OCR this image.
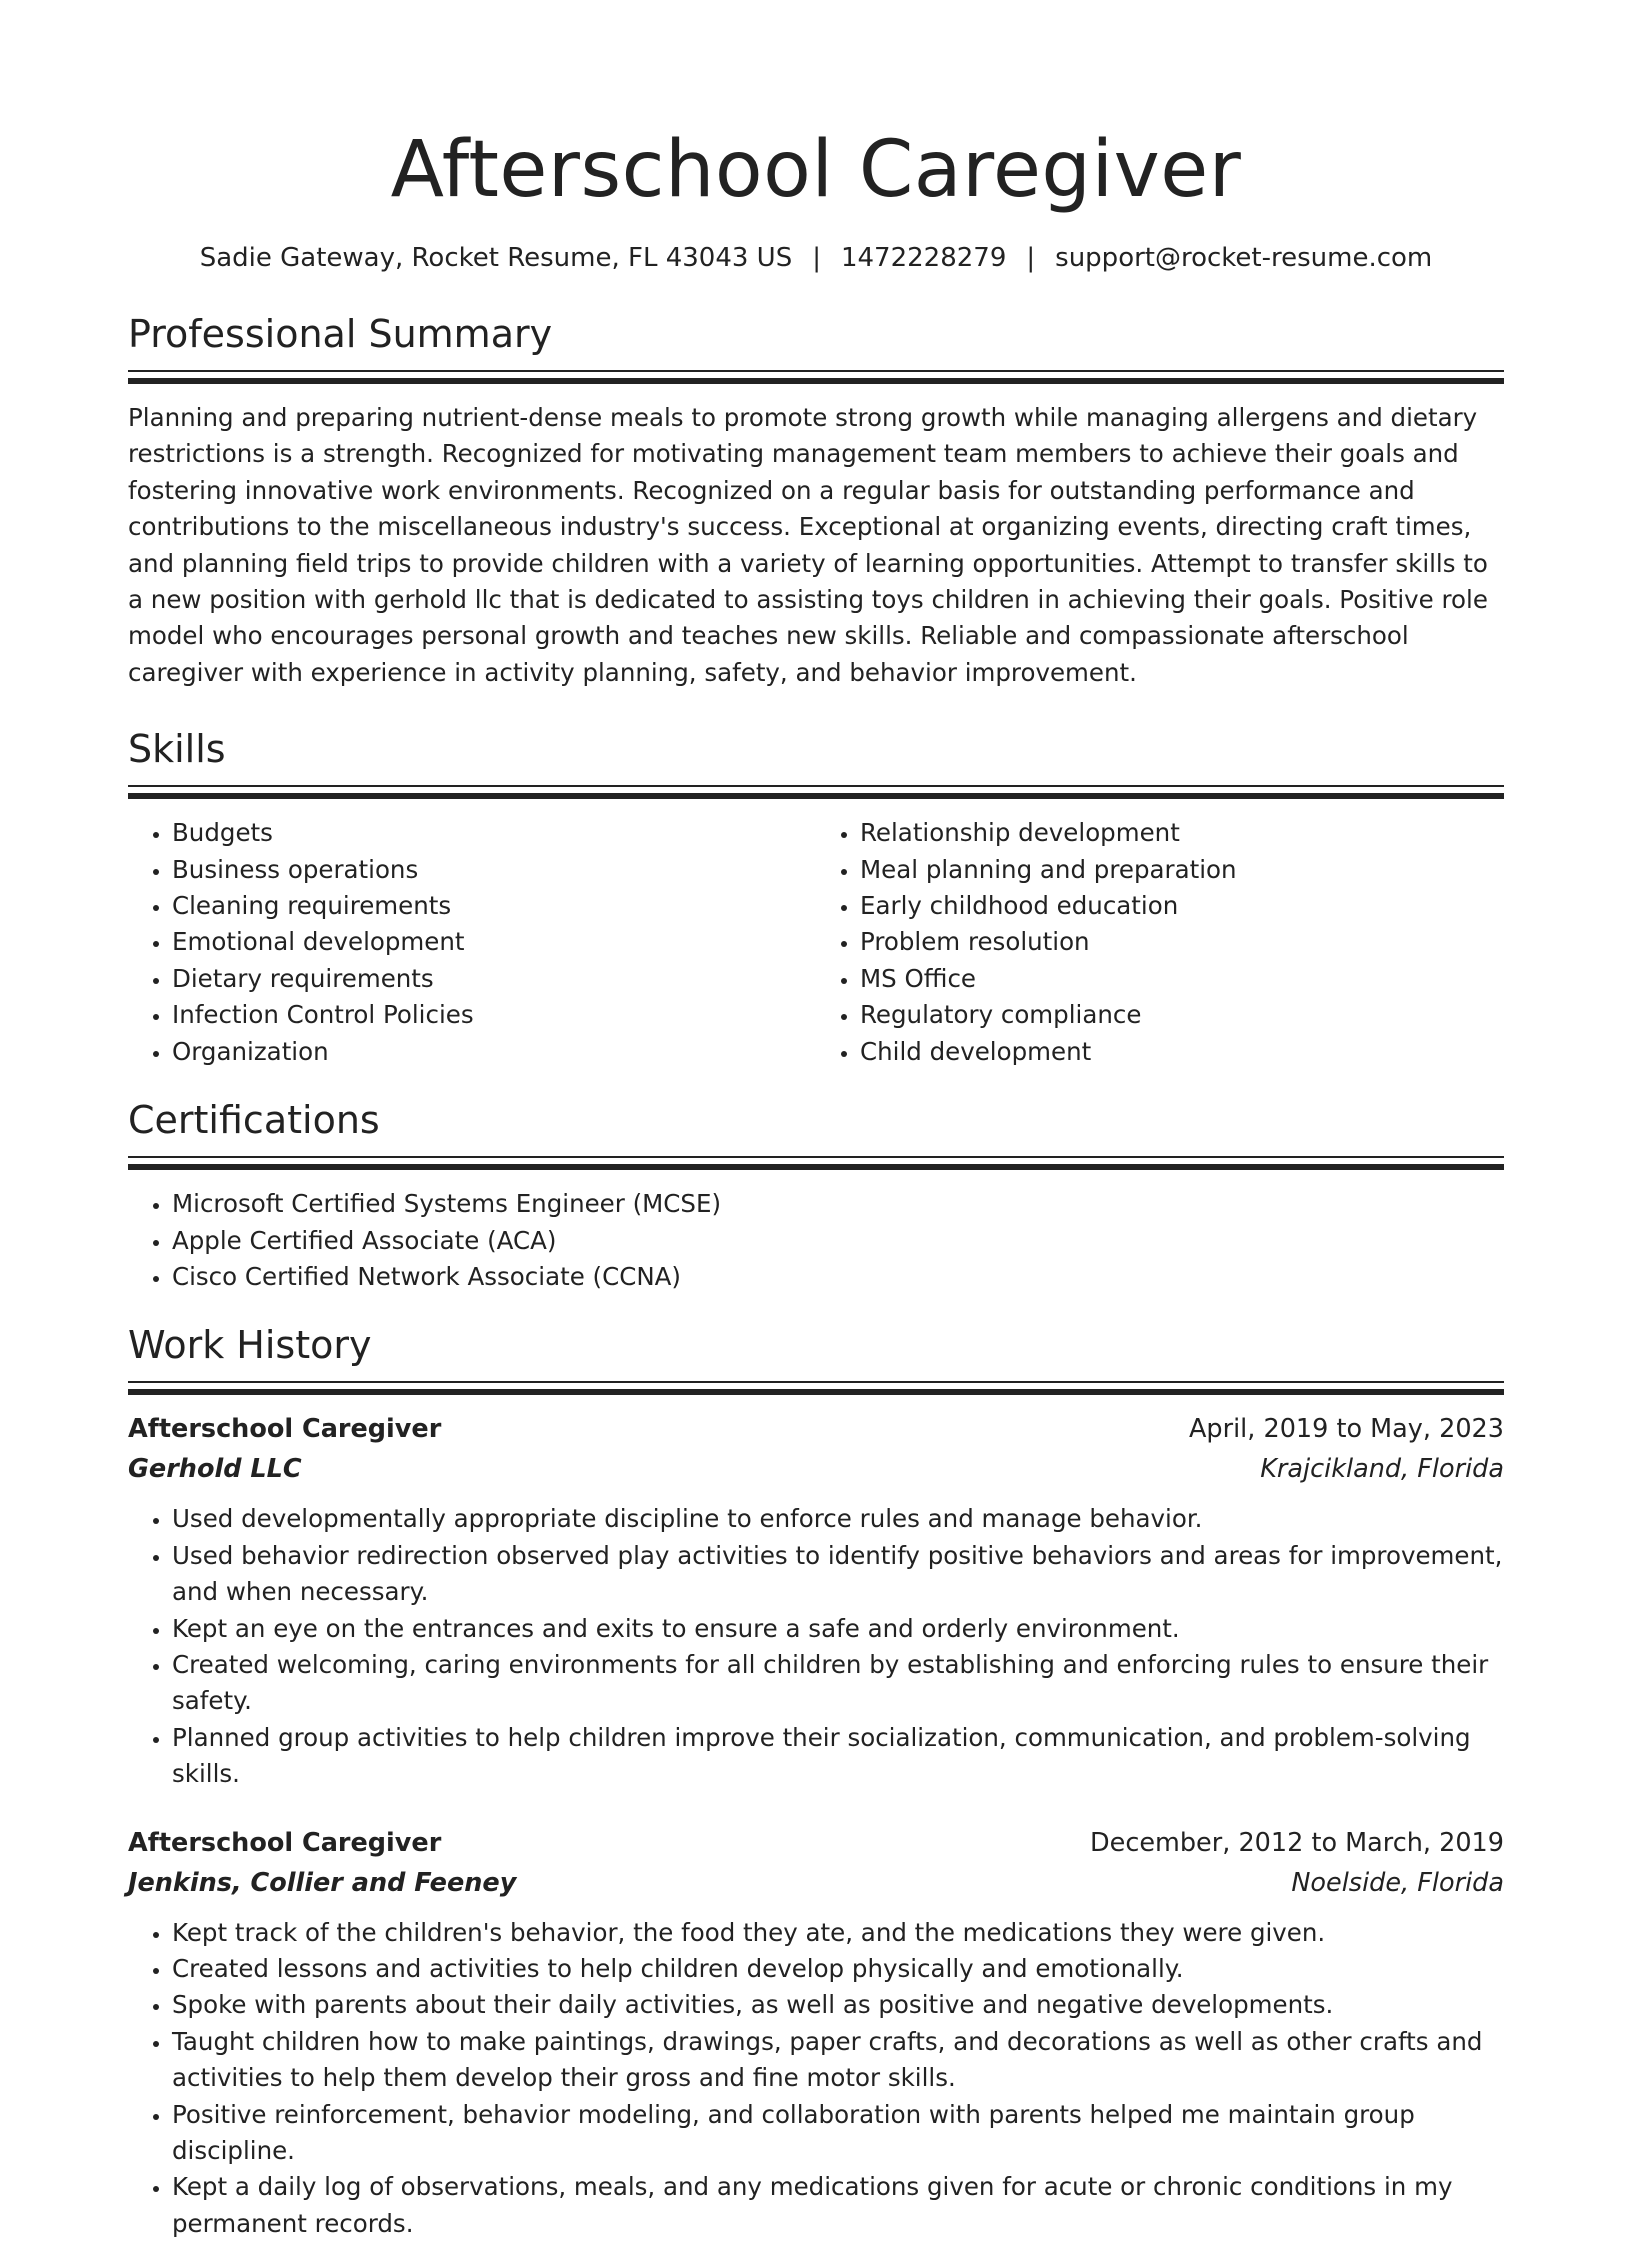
Afterschool Caregiver
Sadie Gateway, Rocket Resume, FL 43043 US | 1472228279 | support@rocket-resume.com
Professional Summary

Planning and preparing nutrient-dense meals to promote strong growth while managing allergens and dietary restrictions is a strength. Recognized for motivating management team members to achieve their goals and fostering innovative work environments. Recognized on a regular basis for outstanding performance and contributions to the miscellaneous industry's success. Exceptional at organizing events, directing craft times, and planning field trips to provide children with a variety of learning opportunities. Attempt to transfer skills to a new position with gerhold llc that is dedicated to assisting toys children in achieving their goals. Positive role model who encourages personal growth and teaches new skills. Reliable and compassionate afterschool caregiver with experience in activity planning, safety, and behavior improvement.

Skills
• Budgets
• Business operations
• Cleaning requirements
• Emotional development
• Dietary requirements
• Infection Control Policies
• Organization
• Relationship development
• Meal planning and preparation
• Early childhood education
• Problem resolution
• MS Office
• Regulatory compliance
• Child development
Certifications
• Microsoft Certified Systems Engineer (MCSE)
• Apple Certified Associate (ACA)
• Cisco Certified Network Associate (CCNA)
Work History
Afterschool Caregiver	April, 2019 to May, 2023
Gerhold LLC	Krajcikland, Florida
• Used developmentally appropriate discipline to enforce rules and manage behavior.
• Used behavior redirection observed play activities to identify positive behaviors and areas for improvement, and when necessary.
• Kept an eye on the entrances and exits to ensure a safe and orderly environment.
• Created welcoming, caring environments for all children by establishing and enforcing rules to ensure their safety.
• Planned group activities to help children improve their socialization, communication, and problem-solving skills.
Afterschool Caregiver	December, 2012 to March, 2019
Jenkins, Collier and Feeney	Noelside, Florida
• Kept track of the children's behavior, the food they ate, and the medications they were given.
• Created lessons and activities to help children develop physically and emotionally.
• Spoke with parents about their daily activities, as well as positive and negative developments.
• Taught children how to make paintings, drawings, paper crafts, and decorations as well as other crafts and activities to help them develop their gross and fine motor skills.
• Positive reinforcement, behavior modeling, and collaboration with parents helped me maintain group discipline.
• Kept a daily log of observations, meals, and any medications given for acute or chronic conditions in my permanent records.
